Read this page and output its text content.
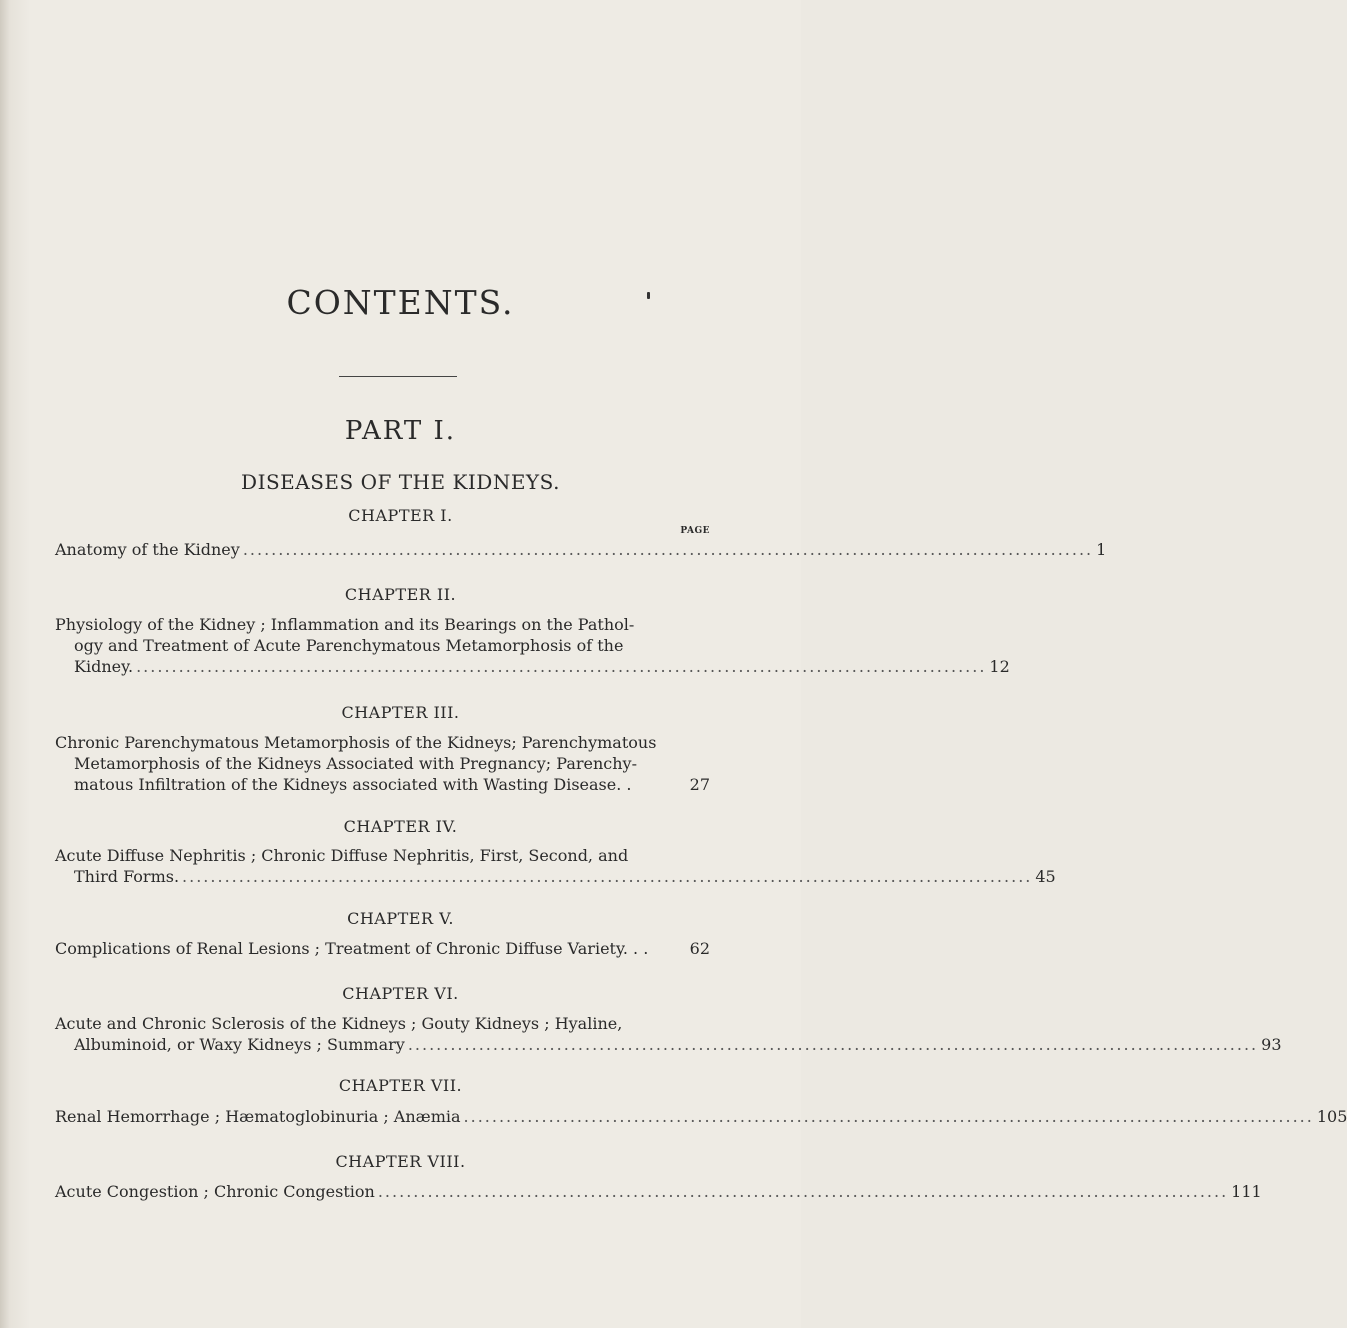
CONTENTS.
PART I.
DISEASES OF THE KIDNEYS.
PAGE
CHAPTER I.
Anatomy of the Kidney ........................................................................................................................ 1
CHAPTER II.
Physiology of the Kidney ; Inflammation and its Bearings on the Pathol-
ogy and Treatment of Acute Parenchymatous Metamorphosis of the
Kidney. ........................................................................................................................ 12
CHAPTER III.
Chronic Parenchymatous Metamorphosis of the Kidneys; Parenchymatous
Metamorphosis of the Kidneys Associated with Pregnancy; Parenchy-
matous Infiltration of the Kidneys associated with Wasting Disease. .	27
CHAPTER IV.
Acute Diffuse Nephritis ; Chronic Diffuse Nephritis, First, Second, and
Third Forms. ........................................................................................................................ 45
CHAPTER V.
Complications of Renal Lesions ; Treatment of Chronic Diffuse Variety. . .	62
CHAPTER VI.
Acute and Chronic Sclerosis of the Kidneys ; Gouty Kidneys ; Hyaline,
Albuminoid, or Waxy Kidneys ; Summary ........................................................................................................................ 93
CHAPTER VII.
Renal Hemorrhage ; Hæmatoglobinuria ; Anæmia ........................................................................................................................ 105
CHAPTER VIII.
Acute Congestion ; Chronic Congestion ........................................................................................................................ 111
